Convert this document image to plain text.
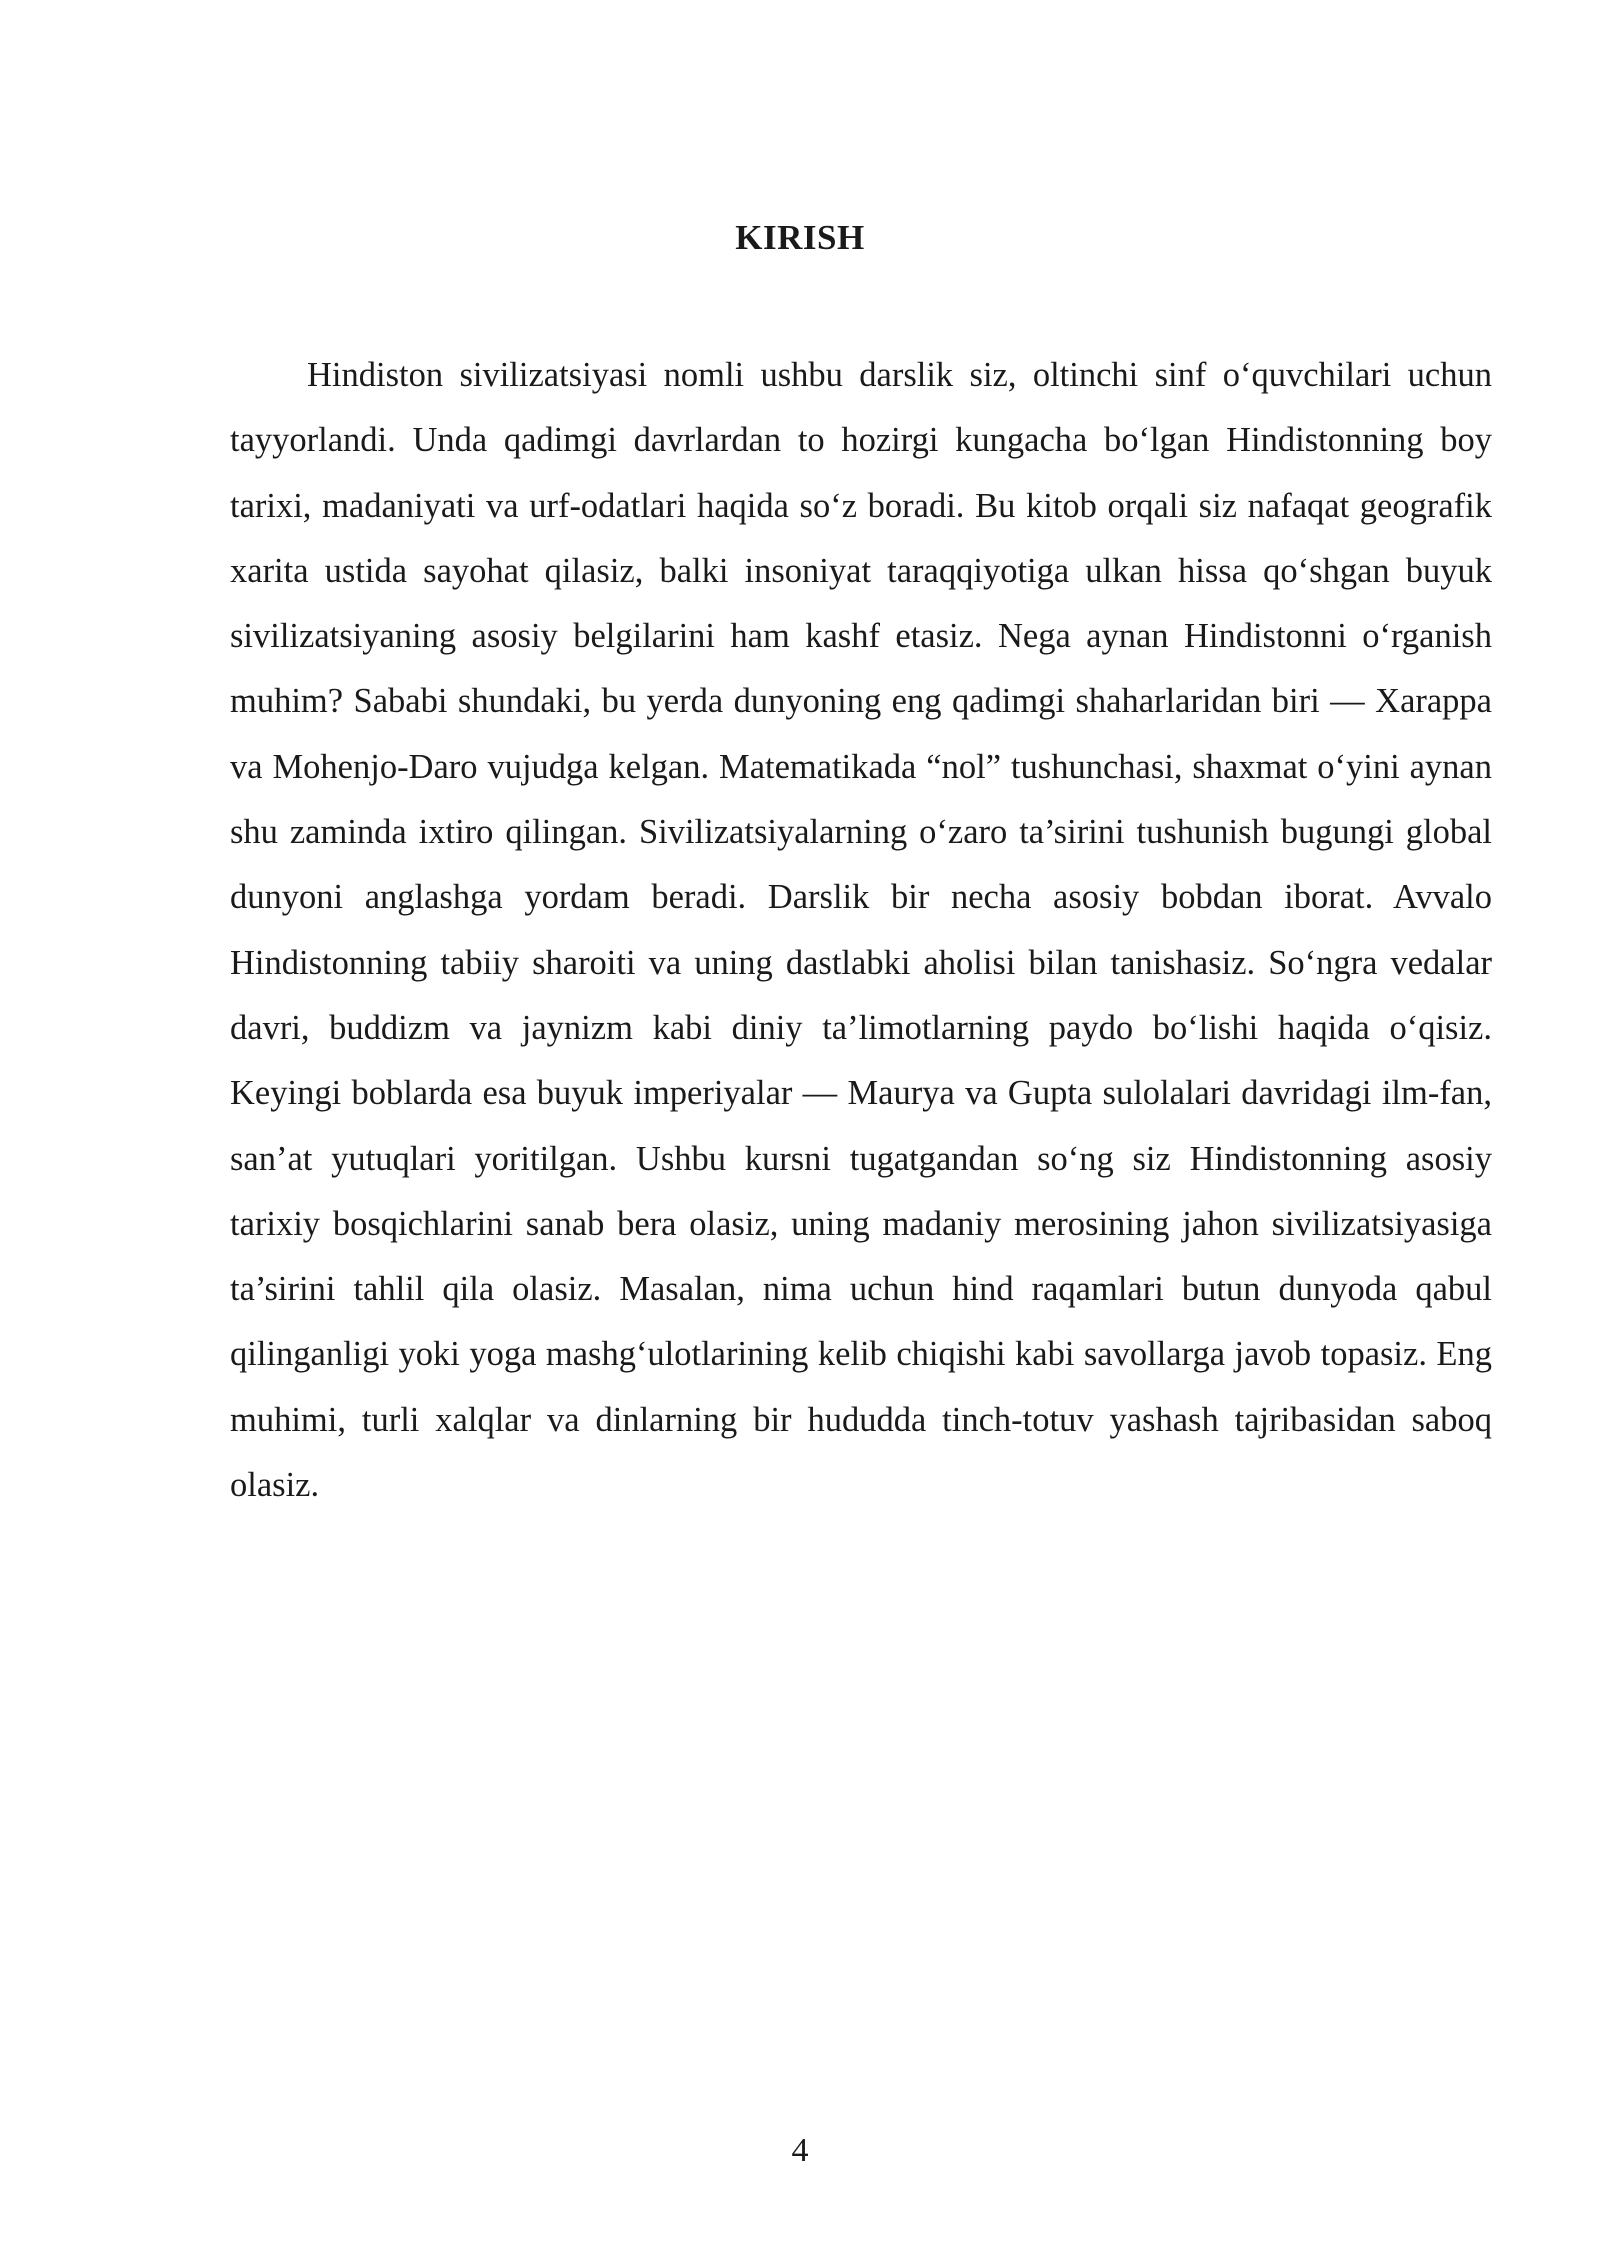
KIRISH

Hindiston sivilizatsiyasi nomli ushbu darslik siz, oltinchi sinf o‘quvchilari uchun tayyorlandi. Unda qadimgi davrlardan to hozirgi kungacha bo‘lgan Hindistonning boy tarixi, madaniyati va urf-odatlari haqida so‘z boradi. Bu kitob orqali siz nafaqat geografik xarita ustida sayohat qilasiz, balki insoniyat taraqqiyotiga ulkan hissa qo‘shgan buyuk sivilizatsiyaning asosiy belgilarini ham kashf etasiz. Nega aynan Hindistonni o‘rganish muhim? Sababi shundaki, bu yerda dunyoning eng qadimgi shaharlaridan biri — Xarappa va Mohenjo-Daro vujudga kelgan. Matematikada “nol” tushunchasi, shaxmat o‘yini aynan shu zaminda ixtiro qilingan. Sivilizatsiyalarning o‘zaro ta’sirini tushunish bugungi global dunyoni anglashga yordam beradi. Darslik bir necha asosiy bobdan iborat. Avvalo Hindistonning tabiiy sharoiti va uning dastlabki aholisi bilan tanishasiz. So‘ngra vedalar davri, buddizm va jaynizm kabi diniy ta’limotlarning paydo bo‘lishi haqida o‘qisiz. Keyingi boblarda esa buyuk imperiyalar — Maurya va Gupta sulolalari davridagi ilm-fan, san’at yutuqlari yoritilgan. Ushbu kursni tugatgandan so‘ng siz Hindistonning asosiy tarixiy bosqichlarini sanab bera olasiz, uning madaniy merosining jahon sivilizatsiyasiga ta’sirini tahlil qila olasiz. Masalan, nima uchun hind raqamlari butun dunyoda qabul qilinganligi yoki yoga mashg‘ulotlarining kelib chiqishi kabi savollarga javob topasiz. Eng muhimi, turli xalqlar va dinlarning bir hududda tinch-totuv yashash tajribasidan saboq olasiz.

4
